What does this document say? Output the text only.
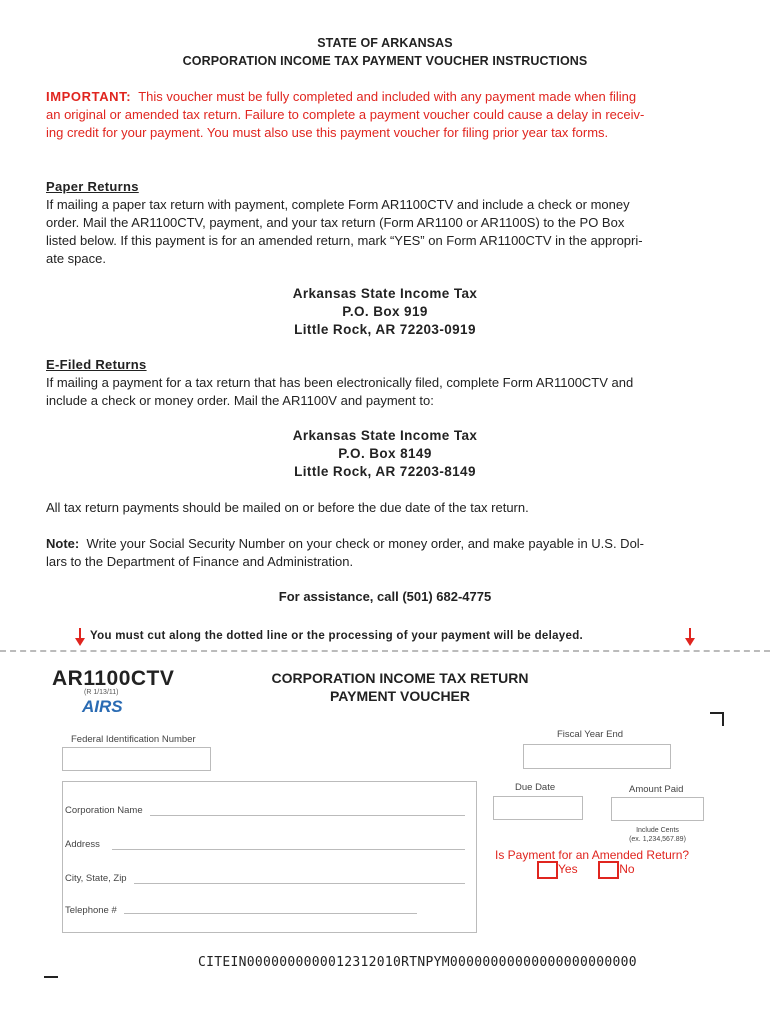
STATE OF ARKANSAS
CORPORATION INCOME TAX PAYMENT VOUCHER INSTRUCTIONS
IMPORTANT: This voucher must be fully completed and included with any payment made when filing
an original or amended tax return. Failure to complete a payment voucher could cause a delay in receiv-
ing credit for your payment. You must also use this payment voucher for filing prior year tax forms.
Paper Returns
If mailing a paper tax return with payment, complete Form AR1100CTV and include a check or money
order. Mail the AR1100CTV, payment, and your tax return (Form AR1100 or AR1100S) to the PO Box
listed below. If this payment is for an amended return, mark “YES” on Form AR1100CTV in the appropri-
ate space.
Arkansas State Income Tax
P.O. Box 919
Little Rock, AR 72203-0919
E-Filed Returns
If mailing a payment for a tax return that has been electronically filed, complete Form AR1100CTV and
include a check or money order. Mail the AR1100V and payment to:
Arkansas State Income Tax
P.O. Box 8149
Little Rock, AR 72203-8149
All tax return payments should be mailed on or before the due date of the tax return.
Note: Write your Social Security Number on your check or money order, and make payable in U.S. Dol-
lars to the Department of Finance and Administration.
For assistance, call (501) 682-4775
You must cut along the dotted line or the processing of your payment will be delayed.
AR1100CTV
(R 1/13/11)
AIRS
CORPORATION INCOME TAX RETURN
PAYMENT VOUCHER
Federal Identification Number	Fiscal Year End
Corporation Name
Address
City, State, Zip
Telephone #
Due Date	Amount Paid
Include Cents
(ex. 1,234,567.89)
Is Payment for an Amended Return?
Yes	No
CITEIN0000000000012312010RTNPYM00000000000000000000000
